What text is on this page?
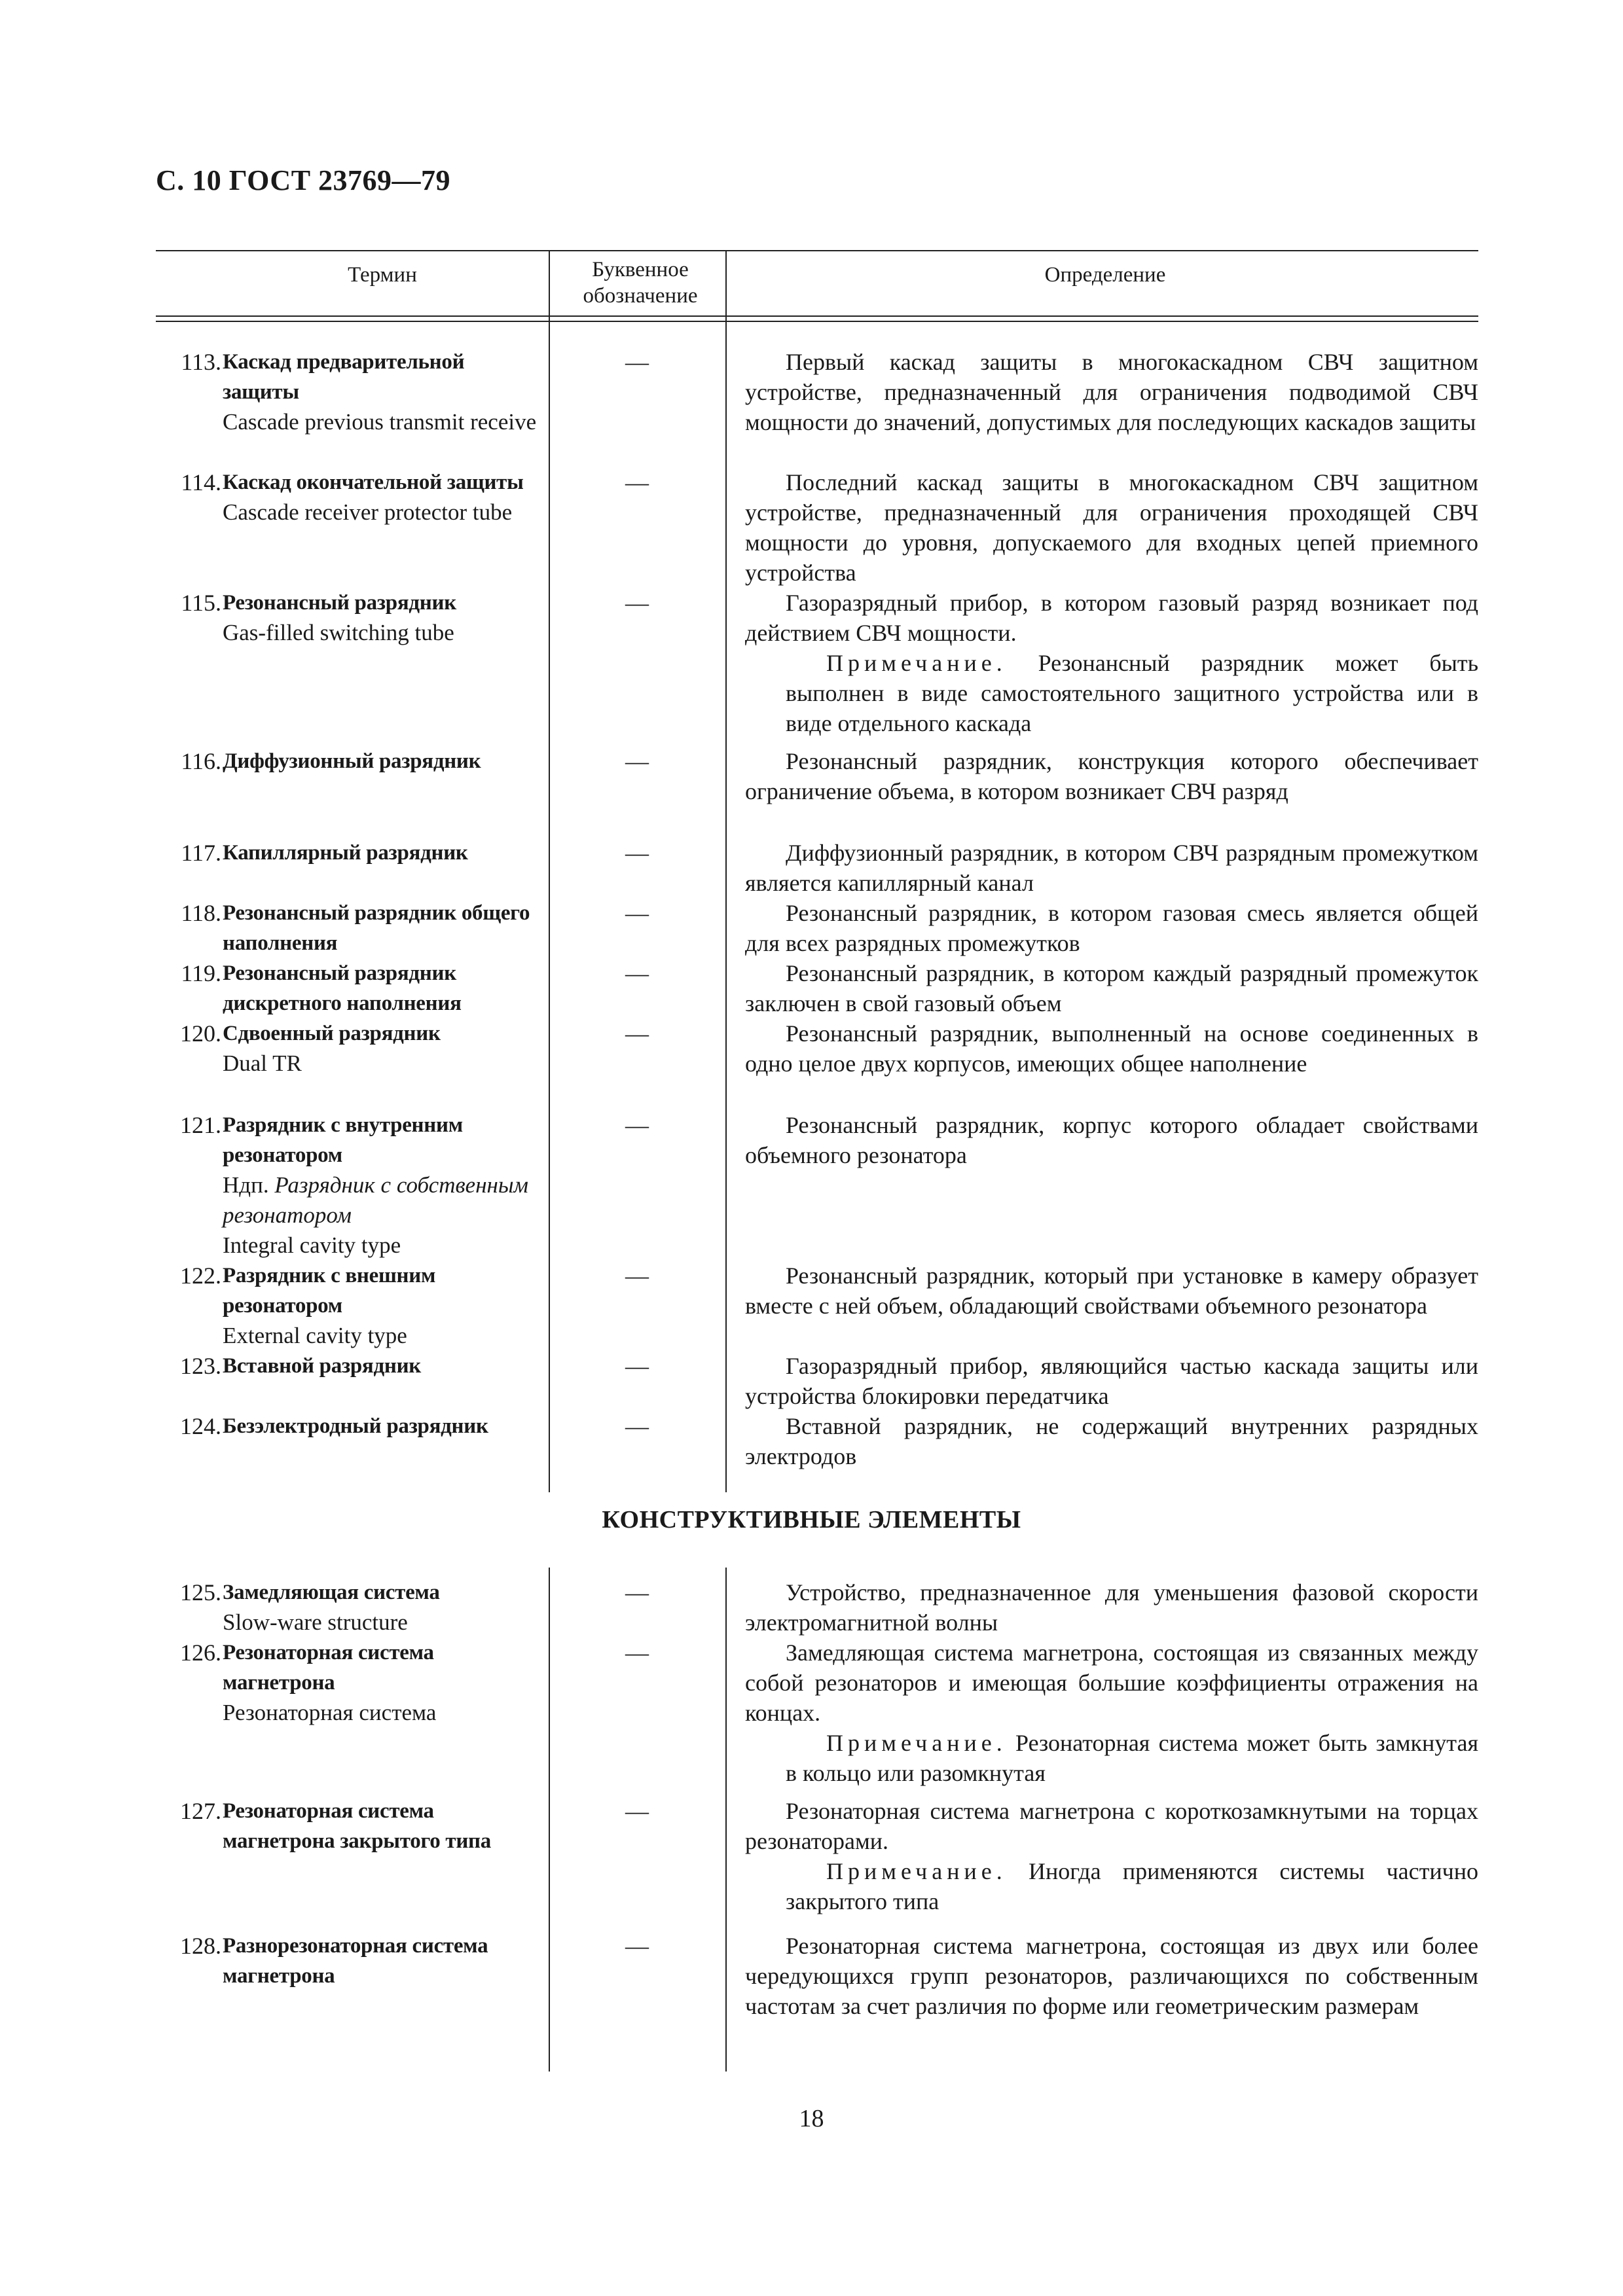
С. 10 ГОСТ 23769—79
Термин	Буквенное обозначение
Определение
113. Каскад предварительной защиты
Cascade previous transmit receive
—	Первый каскад защиты в многокаскадном СВЧ защитном устройстве, предназначенный для ограничения подводимой СВЧ мощности до значений, допустимых для последующих каскадов защиты

114. Каскад окончательной защиты
Cascade receiver protector tube
—	Последний каскад защиты в многокаскадном СВЧ защитном устройстве, предназначенный для ограничения проходящей СВЧ мощности до уровня, допускаемого для входных цепей приемного устройства

115. Резонансный разрядник
Gas-filled switching tube
—	Газоразрядный прибор, в котором газовый разряд возникает под действием СВЧ мощности.

Примечание. Резонансный разрядник может быть выполнен в виде самостоятельного защитного устройства или в виде отдельного каскада

116. Диффузионный разрядник	—	Резонансный разрядник, конструкция которого обеспечивает ограничение объема, в котором возникает СВЧ разряд

117. Капиллярный разрядник	—	Диффузионный разрядник, в котором СВЧ разрядным промежутком является капиллярный канал

118. Резонансный разрядник общего наполнения
—	Резонансный разрядник, в котором газовая смесь является общей для всех разрядных промежутков

119. Резонансный разрядник дискретного наполнения
—	Резонансный разрядник, в котором каждый разрядный промежуток заключен в свой газовый объем

120. Сдвоенный разрядник
Dual TR
—	Резонансный разрядник, выполненный на основе соединенных в одно целое двух корпусов, имеющих общее наполнение

121. Разрядник с внутренним резонатором
Ндп. Разрядник с собственным резонатором
Integral cavity type
—	Резонансный разрядник, корпус которого обладает свойствами объемного резонатора

122. Разрядник с внешним резонатором
External cavity type
—	Резонансный разрядник, который при установке в камеру образует вместе с ней объем, обладающий свойствами объемного резонатора

123. Вставной разрядник	—	Газоразрядный прибор, являющийся частью каскада защиты или устройства блокировки передатчика

124. Безэлектродный разрядник	—	Вставной разрядник, не содержащий внутренних разрядных электродов

КОНСТРУКТИВНЫЕ ЭЛЕМЕНТЫ
125. Замедляющая система
Slow-ware structure
—	Устройство, предназначенное для уменьшения фазовой скорости электромагнитной волны

126. Резонаторная система магнетрона
Резонаторная система
—	Замедляющая система магнетрона, состоящая из связанных между собой резонаторов и имеющая большие коэффициенты отражения на концах.

Примечание. Резонаторная система может быть замкнутая в кольцо или разомкнутая

127. Резонаторная система магнетрона закрытого типа
—	Резонаторная система магнетрона с короткозамкнутыми на торцах резонаторами.

Примечание. Иногда применяются системы частично закрытого типа

128. Разнорезонаторная система магнетрона
—	Резонаторная система магнетрона, состоящая из двух или более чередующихся групп резонаторов, различающихся по собственным частотам за счет различия по форме или геометрическим размерам

18
